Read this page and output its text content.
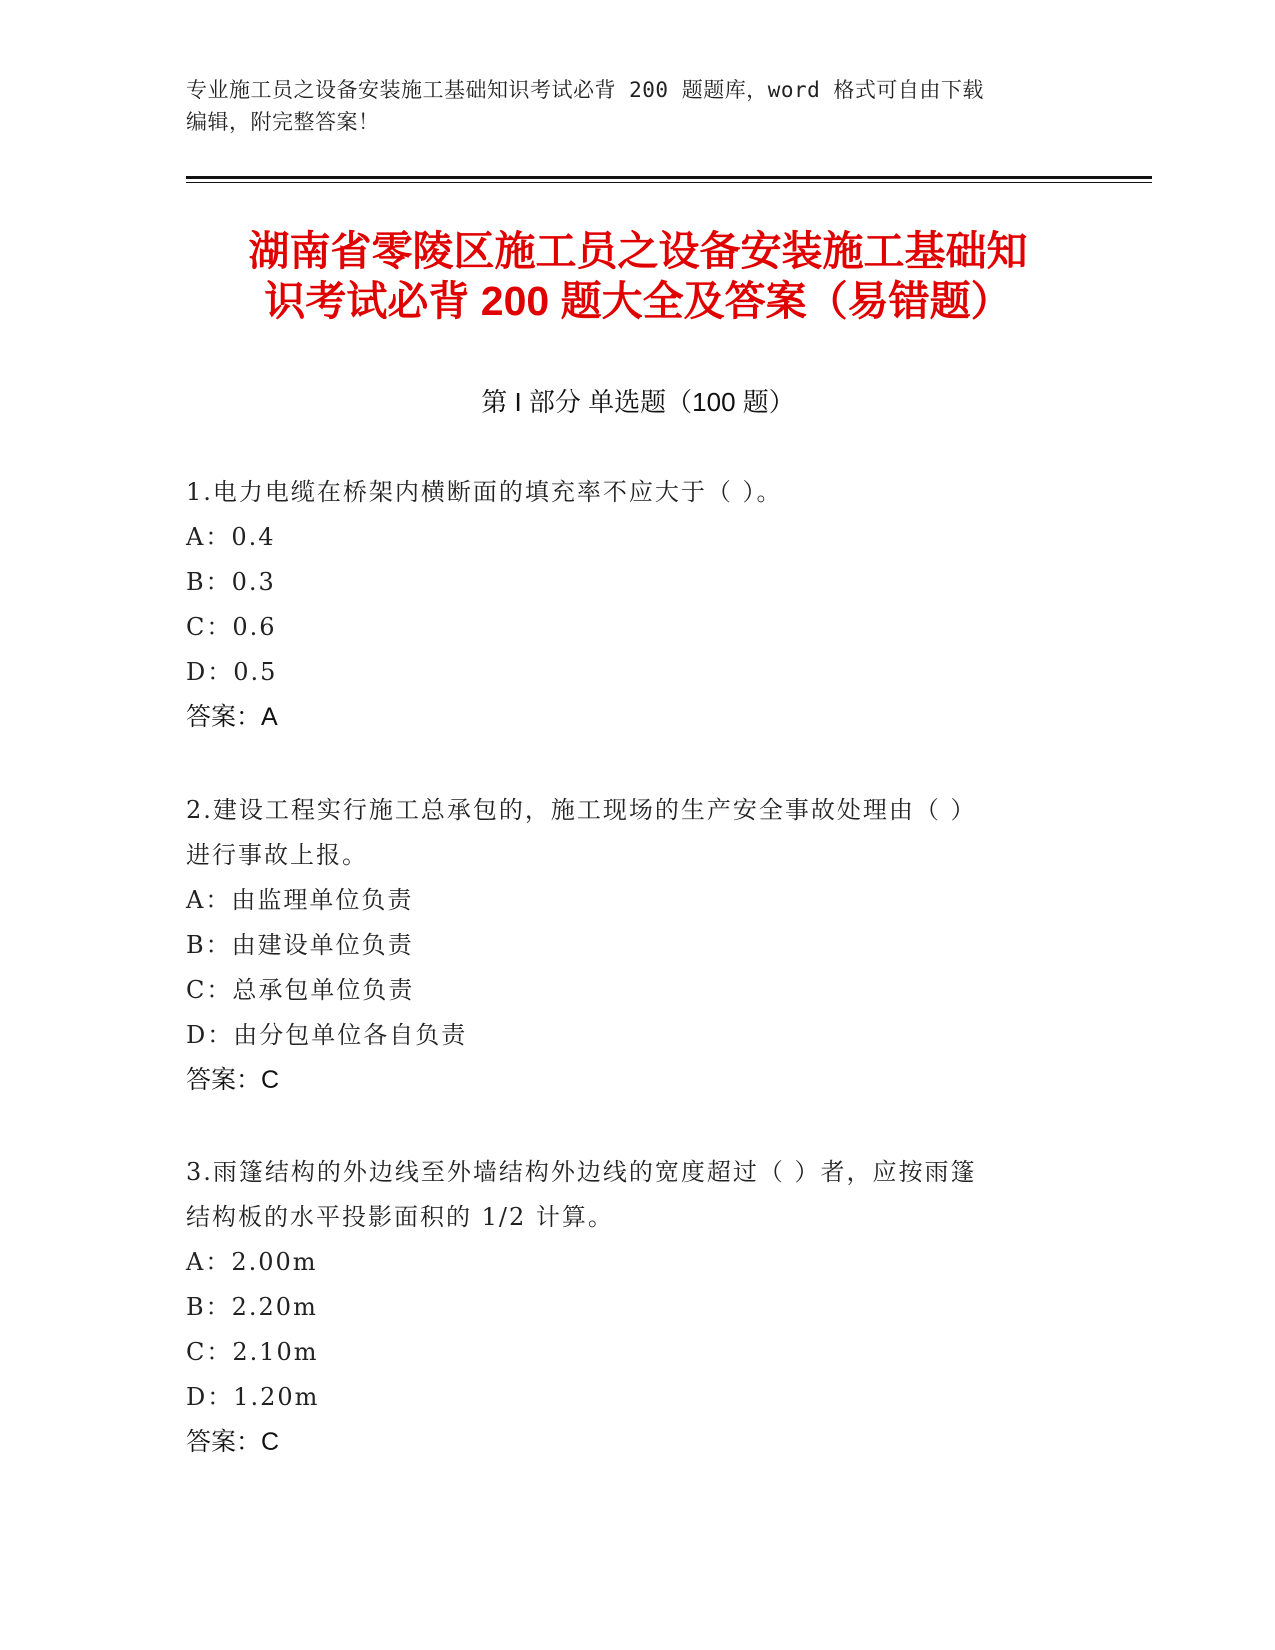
专业施工员之设备安装施工基础知识考试必背 200 题题库，word 格式可自由下载
编辑，附完整答案！
湖南省零陵区施工员之设备安装施工基础知
识考试必背 200 题大全及答案（易错题）
第 I 部分 单选题（100 题）

1.电力电缆在桥架内横断面的填充率不应大于（ ）。

A：0.4

B：0.3

C：0.6

D：0.5

答案：A

2.建设工程实行施工总承包的，施工现场的生产安全事故处理由（ ）

进行事故上报。

A：由监理单位负责

B：由建设单位负责

C：总承包单位负责

D：由分包单位各自负责

答案：C

3.雨篷结构的外边线至外墙结构外边线的宽度超过（ ）者，应按雨篷

结构板的水平投影面积的 1/2 计算。

A：2.00m

B：2.20m

C：2.10m

D：1.20m

答案：C
